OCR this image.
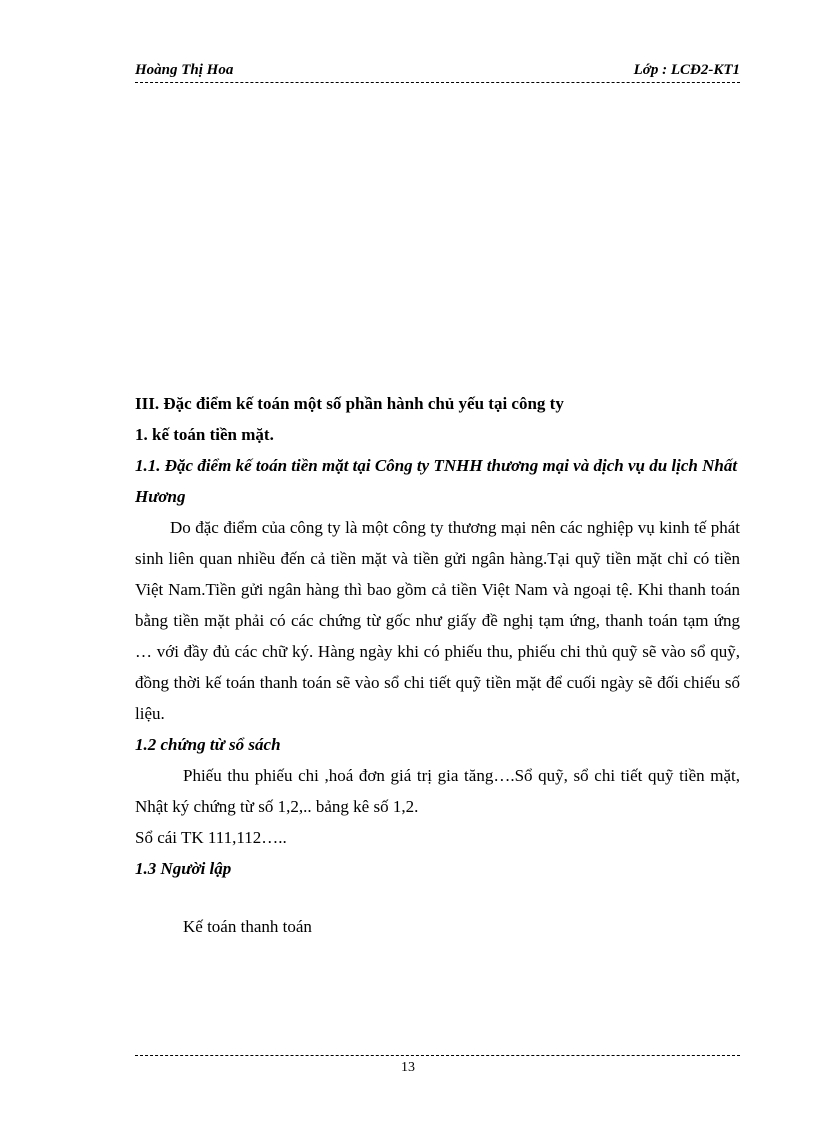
Hoàng Thị Hoa	Lớp : LCĐ2-KT1

III. Đặc điểm kế toán một số phần hành chủ yếu tại công ty

1. kế toán tiền mặt.

1.1. Đặc điểm kế toán tiền mặt tại Công ty TNHH thương mại và dịch vụ du lịch Nhất Hương

Do đặc điểm của công ty là một công ty thương mại nên các nghiệp vụ kinh tế phát sinh liên quan nhiều đến cả tiền mặt và tiền gửi ngân hàng.Tại quỹ tiền mặt chỉ có tiền Việt Nam.Tiền gửi ngân hàng thì bao gồm cả tiền Việt Nam và ngoại tệ. Khi thanh toán bằng tiền mặt phải có các chứng từ gốc như giấy đề nghị tạm ứng, thanh toán tạm ứng … với đầy đủ các chữ ký. Hàng ngày khi có phiếu thu, phiếu chi thủ quỹ sẽ vào sổ quỹ, đồng thời kế toán thanh toán sẽ vào sổ chi tiết quỹ tiền mặt để cuối ngày sẽ đối chiếu số liệu.

1.2 chứng từ sổ sách

Phiếu thu phiếu chi ,hoá đơn giá trị gia tăng….Sổ quỹ, sổ chi tiết quỹ tiền mặt, Nhật ký chứng từ số 1,2,.. bảng kê số 1,2.

Sổ cái TK 111,112…..

1.3 Người lập

Kế toán thanh toán

13
